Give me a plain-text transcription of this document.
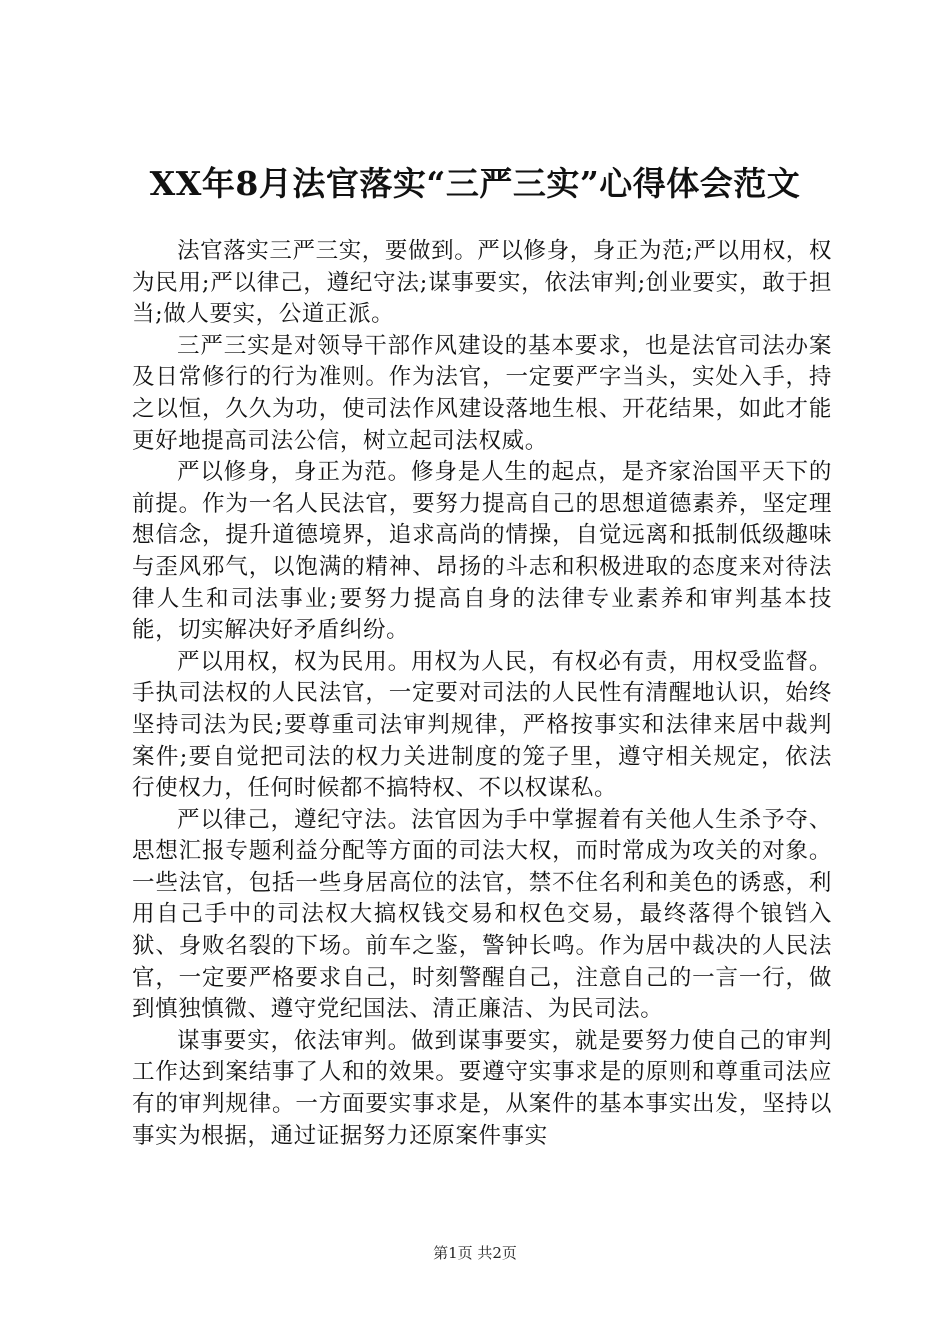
XX年8月法官落实“三严三实”心得体会范文

法官落实三严三实，要做到。严以修身，身正为范;严以用权，权为民用;严以律己，遵纪守法;谋事要实，依法审判;创业要实，敢于担当;做人要实，公道正派。

三严三实是对领导干部作风建设的基本要求，也是法官司法办案及日常修行的行为准则。作为法官，一定要严字当头，实处入手，持之以恒，久久为功，使司法作风建设落地生根、开花结果，如此才能更好地提高司法公信，树立起司法权威。

严以修身，身正为范。修身是人生的起点，是齐家治国平天下的前提。作为一名人民法官，要努力提高自己的思想道德素养，坚定理想信念，提升道德境界，追求高尚的情操，自觉远离和抵制低级趣味与歪风邪气，以饱满的精神、昂扬的斗志和积极进取的态度来对待法律人生和司法事业;要努力提高自身的法律专业素养和审判基本技能，切实解决好矛盾纠纷。

严以用权，权为民用。用权为人民，有权必有责，用权受监督。手执司法权的人民法官，一定要对司法的人民性有清醒地认识，始终坚持司法为民;要尊重司法审判规律，严格按事实和法律来居中裁判案件;要自觉把司法的权力关进制度的笼子里，遵守相关规定，依法行使权力，任何时候都不搞特权、不以权谋私。

严以律己，遵纪守法。法官因为手中掌握着有关他人生杀予夺、思想汇报专题利益分配等方面的司法大权，而时常成为攻关的对象。一些法官，包括一些身居高位的法官，禁不住名利和美色的诱惑，利用自己手中的司法权大搞权钱交易和权色交易，最终落得个锒铛入狱、身败名裂的下场。前车之鉴，警钟长鸣。作为居中裁决的人民法官，一定要严格要求自己，时刻警醒自己，注意自己的一言一行，做到慎独慎微、遵守党纪国法、清正廉洁、为民司法。

谋事要实，依法审判。做到谋事要实，就是要努力使自己的审判工作达到案结事了人和的效果。要遵守实事求是的原则和尊重司法应有的审判规律。一方面要实事求是，从案件的基本事实出发，坚持以事实为根据，通过证据努力还原案件事实

第1页 共2页
